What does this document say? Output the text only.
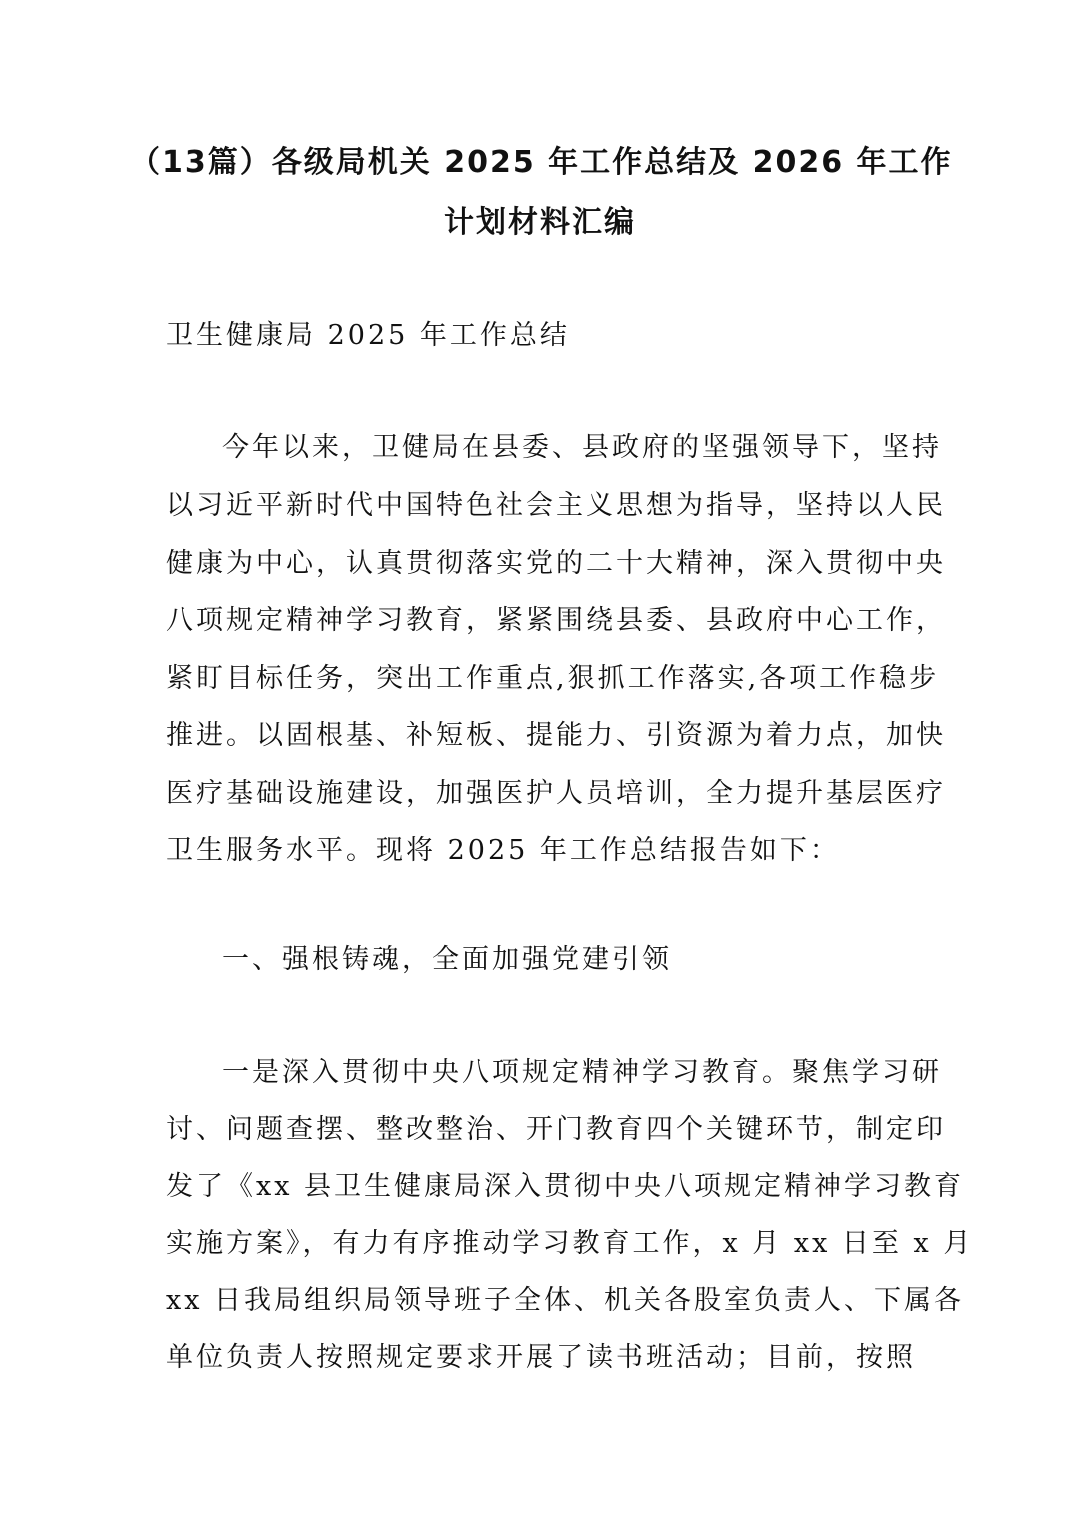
（13篇）各级局机关 2025 年工作总结及 2026 年工作
计划材料汇编
卫生健康局 2025 年工作总结
今年以来，卫健局在县委、县政府的坚强领导下，坚持
以习近平新时代中国特色社会主义思想为指导，坚持以人民
健康为中心，认真贯彻落实党的二十大精神，深入贯彻中央
八项规定精神学习教育，紧紧围绕县委、县政府中心工作，
紧盯目标任务，突出工作重点,狠抓工作落实,各项工作稳步
推进。以固根基、补短板、提能力、引资源为着力点，加快
医疗基础设施建设，加强医护人员培训，全力提升基层医疗
卫生服务水平。现将 2025 年工作总结报告如下：
一、强根铸魂，全面加强党建引领
一是深入贯彻中央八项规定精神学习教育。聚焦学习研
讨、问题查摆、整改整治、开门教育四个关键环节，制定印
发了《xx 县卫生健康局深入贯彻中央八项规定精神学习教育
实施方案》，有力有序推动学习教育工作，x 月 xx 日至 x 月
xx 日我局组织局领导班子全体、机关各股室负责人、下属各
单位负责人按照规定要求开展了读书班活动；目前，按照
